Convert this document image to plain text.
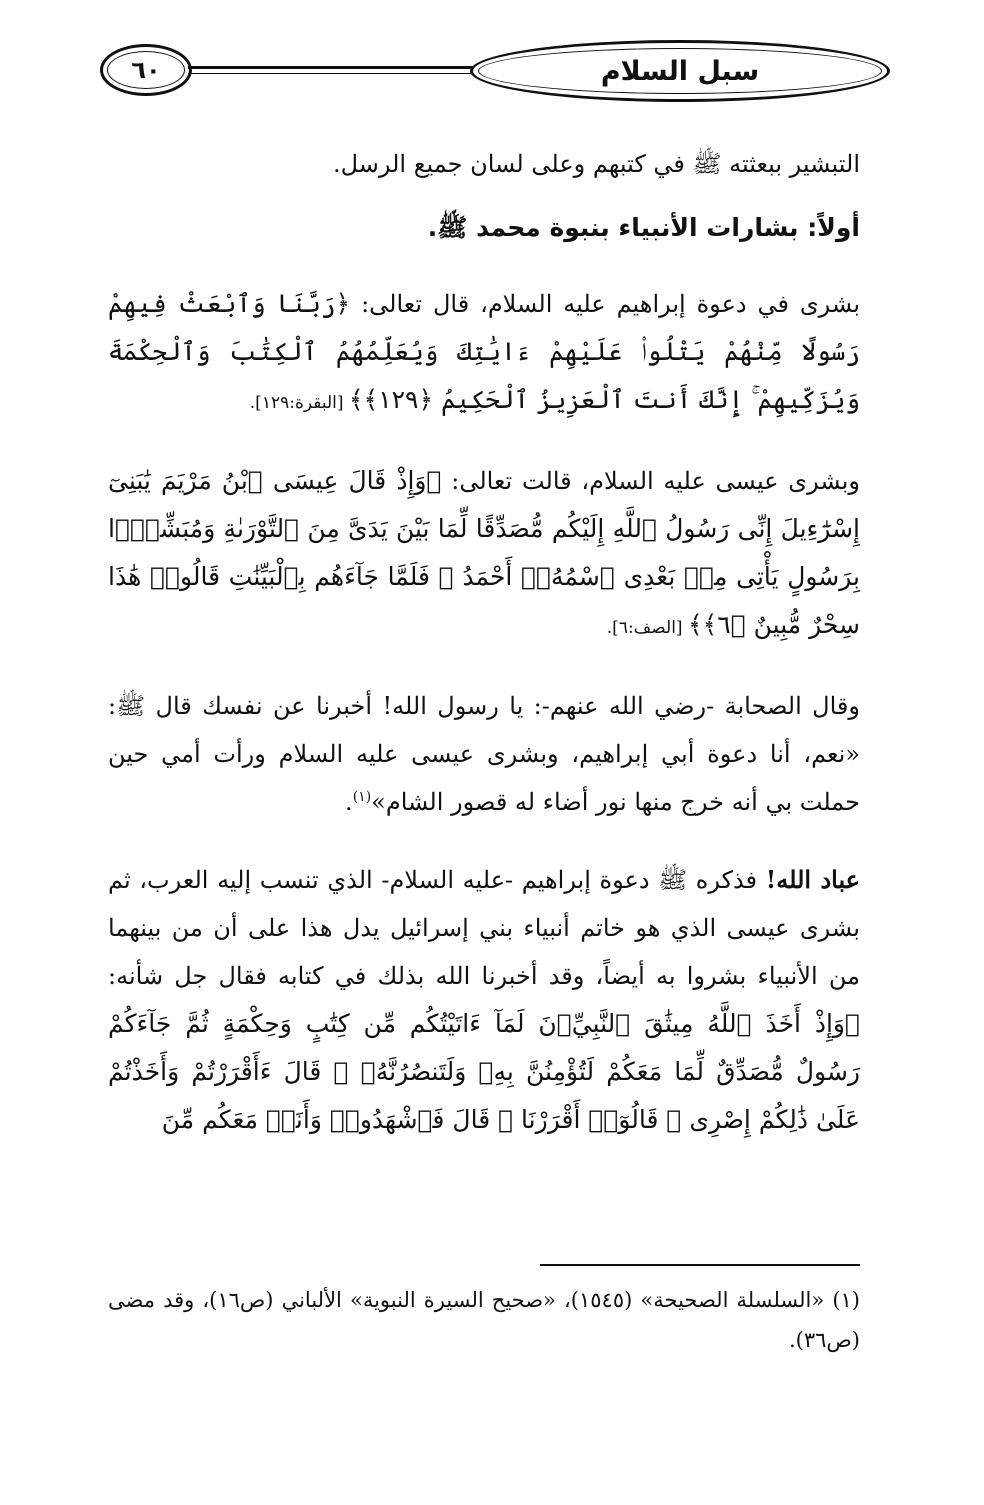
سبل السلام
٦٠

التبشير ببعثته ﷺ في كتبهم وعلى لسان جميع الرسل.

أولاً: بشارات الأنبياء بنبوة محمد ﷺ.

بشرى في دعوة إبراهيم عليه السلام، قال تعالى: ﴿رَبَّنَا وَٱبْعَثْ فِيهِمْ رَسُولًا مِّنْهُمْ يَتْلُوا۟ عَلَيْهِمْ ءَايَٰتِكَ وَيُعَلِّمُهُمُ ٱلْكِتَٰبَ وَٱلْحِكْمَةَ وَيُزَكِّيهِمْ ۚ إِنَّكَ أَنتَ ٱلْعَزِيزُ ٱلْحَكِيمُ ﴿١٢٩﴾﴾ [البقرة:١٢٩].

وبشرى عيسى عليه السلام، قالت تعالى: ﴿وَإِذْ قَالَ عِيسَى ٱبْنُ مَرْيَمَ يَٰبَنِىٓ إِسْرَٰٓءِيلَ إِنِّى رَسُولُ ٱللَّهِ إِلَيْكُم مُّصَدِّقًا لِّمَا بَيْنَ يَدَىَّ مِنَ ٱلتَّوْرَىٰةِ وَمُبَشِّرًۢا بِرَسُولٍ يَأْتِى مِنۢ بَعْدِى ٱسْمُهُۥٓ أَحْمَدُ ۖ فَلَمَّا جَآءَهُم بِٱلْبَيِّنَٰتِ قَالُوا۟ هَٰذَا سِحْرٌ مُّبِينٌ ﴿٦﴾﴾ [الصف:٦].

وقال الصحابة -رضي الله عنهم-: يا رسول الله! أخبرنا عن نفسك قال ﷺ: «نعم، أنا دعوة أبي إبراهيم، وبشرى عيسى عليه السلام ورأت أمي حين حملت بي أنه خرج منها نور أضاء له قصور الشام»$^{(١)}$.

عباد الله! فذكره ﷺ دعوة إبراهيم -عليه السلام- الذي تنسب إليه العرب، ثم بشرى عيسى الذي هو خاتم أنبياء بني إسرائيل يدل هذا على أن من بينهما من الأنبياء بشروا به أيضاً، وقد أخبرنا الله بذلك في كتابه فقال جل شأنه: ﴿وَإِذْ أَخَذَ ٱللَّهُ مِيثَٰقَ ٱلنَّبِيِّۦنَ لَمَآ ءَاتَيْتُكُم مِّن كِتَٰبٍ وَحِكْمَةٍ ثُمَّ جَآءَكُمْ رَسُولٌ مُّصَدِّقٌ لِّمَا مَعَكُمْ لَتُؤْمِنُنَّ بِهِۦ وَلَتَنصُرُنَّهُۥ ۚ قَالَ ءَأَقْرَرْتُمْ وَأَخَذْتُمْ عَلَىٰ ذَٰلِكُمْ إِصْرِى ۖ قَالُوٓا۟ أَقْرَرْنَا ۚ قَالَ فَٱشْهَدُوا۟ وَأَنَا۠ مَعَكُم مِّنَ

(١) «السلسلة الصحيحة» (١٥٤٥)، «صحيح السيرة النبوية» الألباني (ص١٦)، وقد مضى (ص٣٦).
